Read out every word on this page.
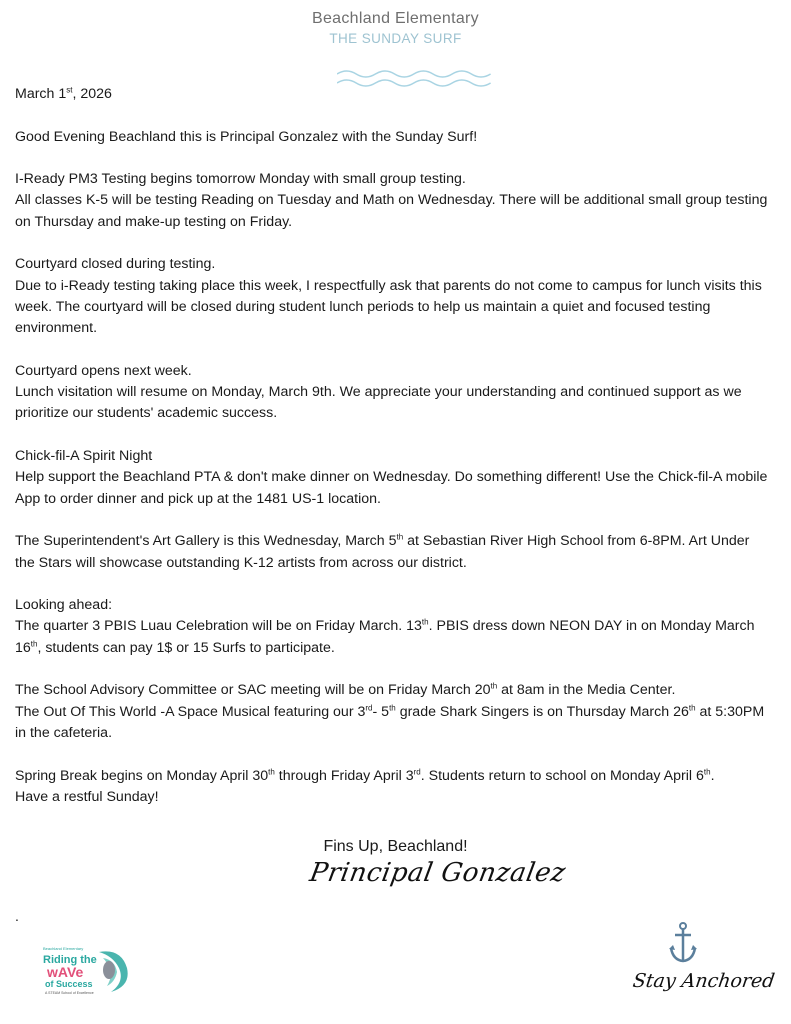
Beachland Elementary
THE SUNDAY SURF

March 1st, 2026

Good Evening Beachland this is Principal Gonzalez with the Sunday Surf!

I-Ready PM3 Testing begins tomorrow Monday with small group testing.

All classes K-5 will be testing Reading on Tuesday and Math on Wednesday. There will be additional small group testing on Thursday and make-up testing on Friday.

Courtyard closed during testing.

Due to i-Ready testing taking place this week, I respectfully ask that parents do not come to campus for lunch visits this week. The courtyard will be closed during student lunch periods to help us maintain a quiet and focused testing environment.

Courtyard opens next week.

Lunch visitation will resume on Monday, March 9th. We appreciate your understanding and continued support as we prioritize our students' academic success.

Chick-fil-A Spirit Night

Help support the Beachland PTA & don't make dinner on Wednesday. Do something different! Use the Chick-fil-A mobile App to order dinner and pick up at the 1481 US-1 location.

The Superintendent's Art Gallery is this Wednesday, March 5th at Sebastian River High School from 6-8PM. Art Under the Stars will showcase outstanding K-12 artists from across our district.

Looking ahead:

The quarter 3 PBIS Luau Celebration will be on Friday March. 13th. PBIS dress down NEON DAY in on Monday March 16th, students can pay 1$ or 15 Surfs to participate.

The School Advisory Committee or SAC meeting will be on Friday March 20th at 8am in the Media Center.

The Out Of This World -A Space Musical featuring our 3rd- 5th grade Shark Singers is on Thursday March 26th at 5:30PM in the cafeteria.

Spring Break begins on Monday April 30th through Friday April 3rd. Students return to school on Monday April 6th.

Have a restful Sunday!

Fins Up, Beachland!
Principal Gonzalez
.
Beachland Elementary
Riding the
wAVe
of Success
A STEAM School of Excellence
Stay Anchored
